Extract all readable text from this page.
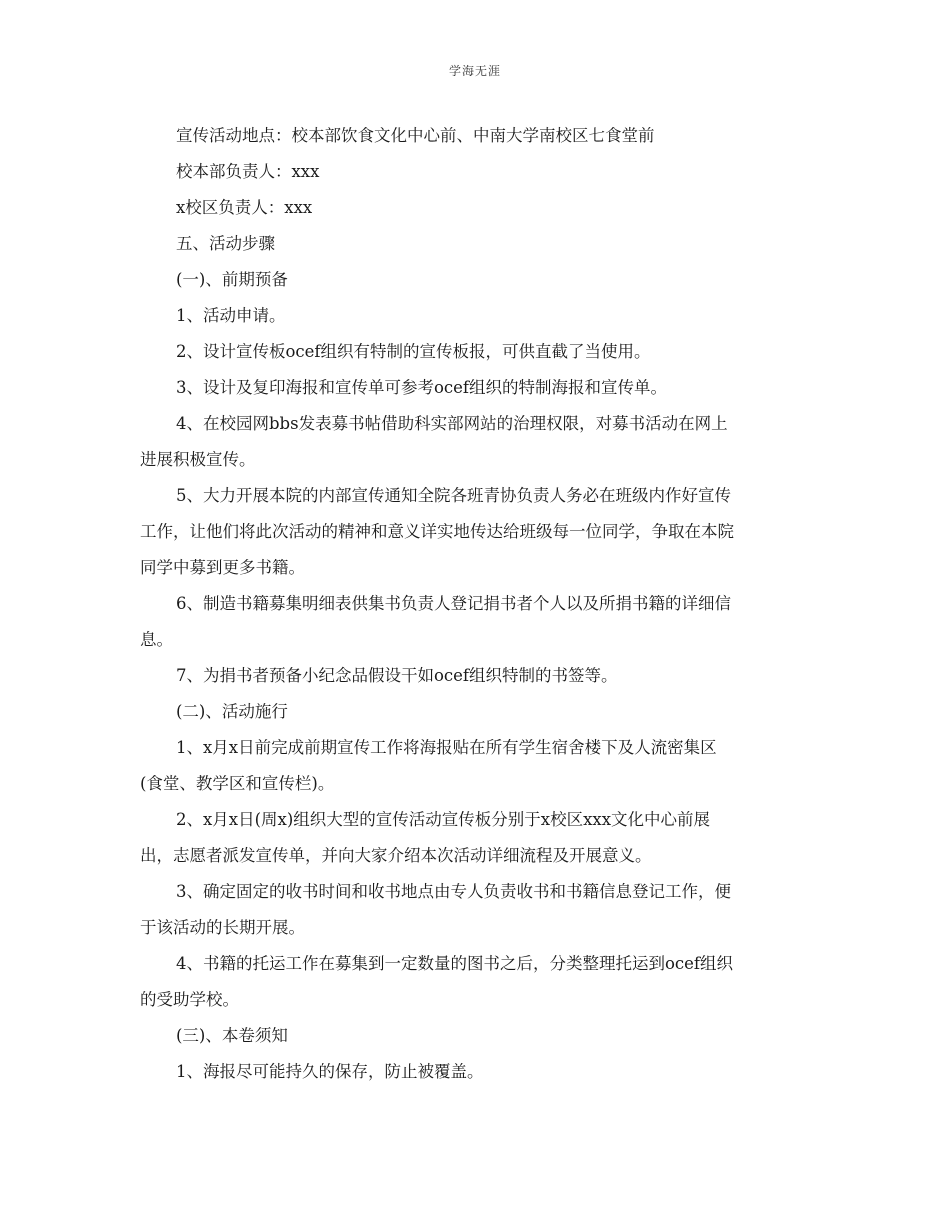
学海无涯
宣传活动地点：校本部饮食文化中心前、中南大学南校区七食堂前
校本部负责人：xxx
x校区负责人：xxx
五、活动步骤
(一)、前期预备
1、活动申请。
2、设计宣传板ocef组织有特制的宣传板报，可供直截了当使用。
3、设计及复印海报和宣传单可参考ocef组织的特制海报和宣传单。
4、在校园网bbs发表募书帖借助科实部网站的治理权限，对募书活动在网上
进展积极宣传。
5、大力开展本院的内部宣传通知全院各班青协负责人务必在班级内作好宣传
工作，让他们将此次活动的精神和意义详实地传达给班级每一位同学，争取在本院
同学中募到更多书籍。
6、制造书籍募集明细表供集书负责人登记捐书者个人以及所捐书籍的详细信
息。
7、为捐书者预备小纪念品假设干如ocef组织特制的书签等。
(二)、活动施行
1、x月x日前完成前期宣传工作将海报贴在所有学生宿舍楼下及人流密集区
(食堂、教学区和宣传栏)。
2、x月x日(周x)组织大型的宣传活动宣传板分别于x校区xxx文化中心前展
出，志愿者派发宣传单，并向大家介绍本次活动详细流程及开展意义。
3、确定固定的收书时间和收书地点由专人负责收书和书籍信息登记工作，便
于该活动的长期开展。
4、书籍的托运工作在募集到一定数量的图书之后，分类整理托运到ocef组织
的受助学校。
(三)、本卷须知
1、海报尽可能持久的保存，防止被覆盖。
